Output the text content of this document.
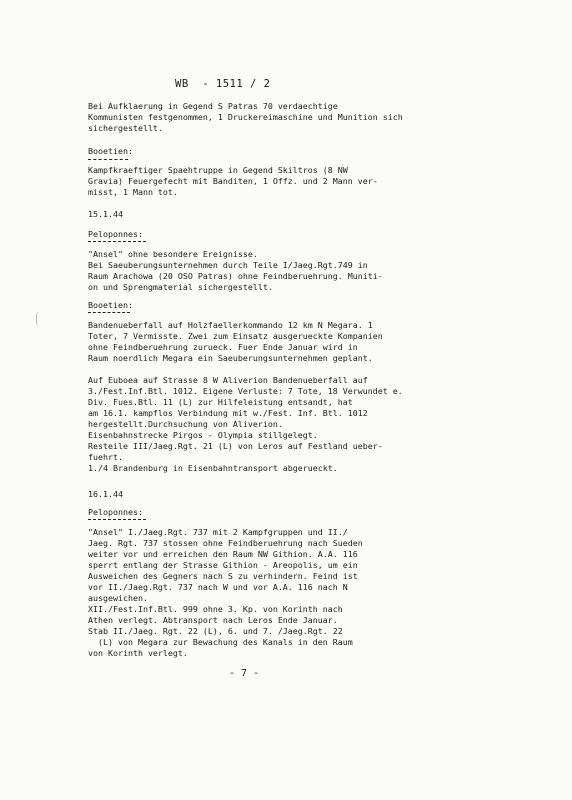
WB  - 1511 / 2
Bei Aufklaerung in Gegend S Patras 70 verdaechtige
Kommunisten festgenommen, 1 Druckereimaschine und Munition sich
sichergestellt.
Booetien:
Kampfkraeftiger Spaehtruppe in Gegend Skiltros (8 NW
Gravia) Feuergefecht mit Banditen, 1 Offz. und 2 Mann ver-
misst, 1 Mann tot.
15.1.44
Peloponnes:
"Ansel" ohne besondere Ereignisse.
Bei Saeuberungsunternehmen durch Teile I/Jaeg.Rgt.749 in
Raum Arachowa (20 OSO Patras) ohne Feindberuehrung. Muniti-
on und Sprengmaterial sichergestellt.
Booetien:
Bandenueberfall auf Holzfaellerkommando 12 km N Megara. 1
Toter, 7 Vermisste. Zwei zum Einsatz ausgerueckte Kompanien
ohne Feindberuehrung zurueck. Fuer Ende Januar wird in
Raum noerdlich Megara ein Saeuberungsunternehmen geplant.
Auf Euboea auf Strasse 8 W Aliverion Bandenueberfall auf
3./Fest.Inf.Btl. 1012. Eigene Verluste: 7 Tote, 18 Verwundet e.
Div. Fues.Btl. 11 (L) zur Hilfeleistung entsandt, hat
am 16.1. kampflos Verbindung mit w./Fest. Inf. Btl. 1012
hergestellt.Durchsuchung von Aliverion.
Eisenbahnstrecke Pirgos - Olympia stillgelegt.
Resteile III/Jaeg.Rgt. 21 (L) von Leros auf Festland ueber-
fuehrt.
1./4 Brandenburg in Eisenbahntransport abgerueckt.
16.1.44
Peloponnes:
"Ansel" I./Jaeg.Rgt. 737 mit 2 Kampfgruppen und II./
Jaeg. Rgt. 737 stossen ohne Feindberuehrung nach Sueden
weiter vor und erreichen den Raum NW Githion. A.A. 116
sperrt entlang der Strasse Githion - Areopolis, um ein
Ausweichen des Gegners nach S zu verhindern. Feind ist
vor II./Jaeg.Rgt. 737 nach W und vor A.A. 116 nach N
ausgewichen.
XII./Fest.Inf.Btl. 999 ohne 3. Kp. von Korinth nach
Athen verlegt. Abtransport nach Leros Ende Januar.
Stab II./Jaeg. Rgt. 22 (L), 6. und 7. /Jaeg.Rgt. 22
(L) von Megara zur Bewachung des Kanals in den Raum
von Korinth verlegt.
- 7 -
